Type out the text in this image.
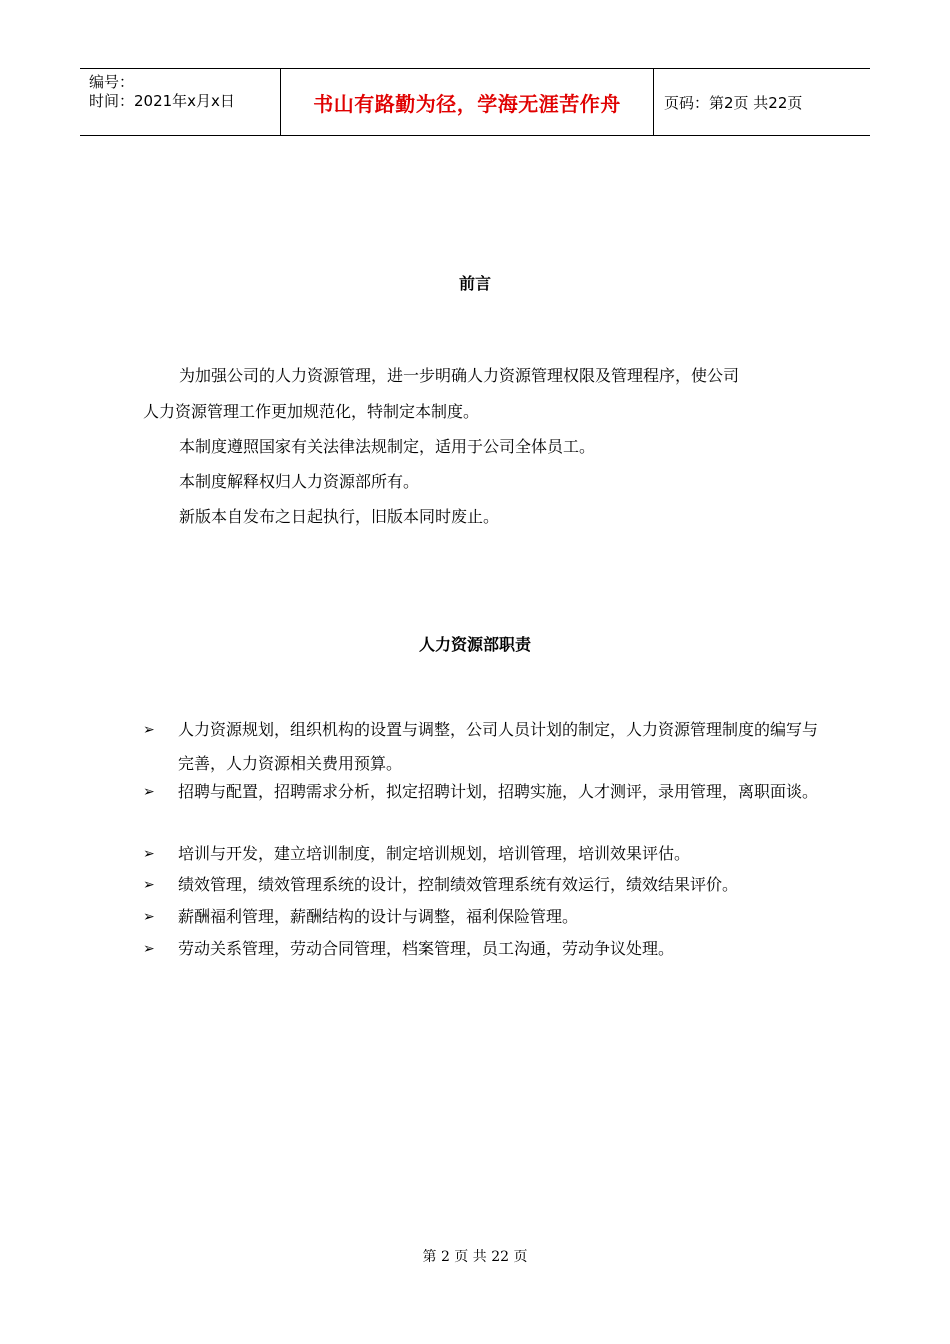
编号：
时间：2021年x月x日	书山有路勤为径，学海无涯苦作舟	页码：第2页 共22页
前言
为加强公司的人力资源管理，进一步明确人力资源管理权限及管理程序，使公司
人力资源管理工作更加规范化，特制定本制度。
本制度遵照国家有关法律法规制定，适用于公司全体员工。
本制度解释权归人力资源部所有。
新版本自发布之日起执行，旧版本同时废止。
人力资源部职责
➢ 人力资源规划，组织机构的设置与调整，公司人员计划的制定，人力资源管理制度的编写与完善，人力资源相关费用预算。
➢ 招聘与配置，招聘需求分析，拟定招聘计划，招聘实施，人才测评，录用管理，离职面谈。
➢ 培训与开发，建立培训制度，制定培训规划，培训管理，培训效果评估。
➢ 绩效管理，绩效管理系统的设计，控制绩效管理系统有效运行，绩效结果评价。
➢ 薪酬福利管理，薪酬结构的设计与调整，福利保险管理。
➢ 劳动关系管理，劳动合同管理，档案管理，员工沟通，劳动争议处理。
第 2 页 共 22 页
